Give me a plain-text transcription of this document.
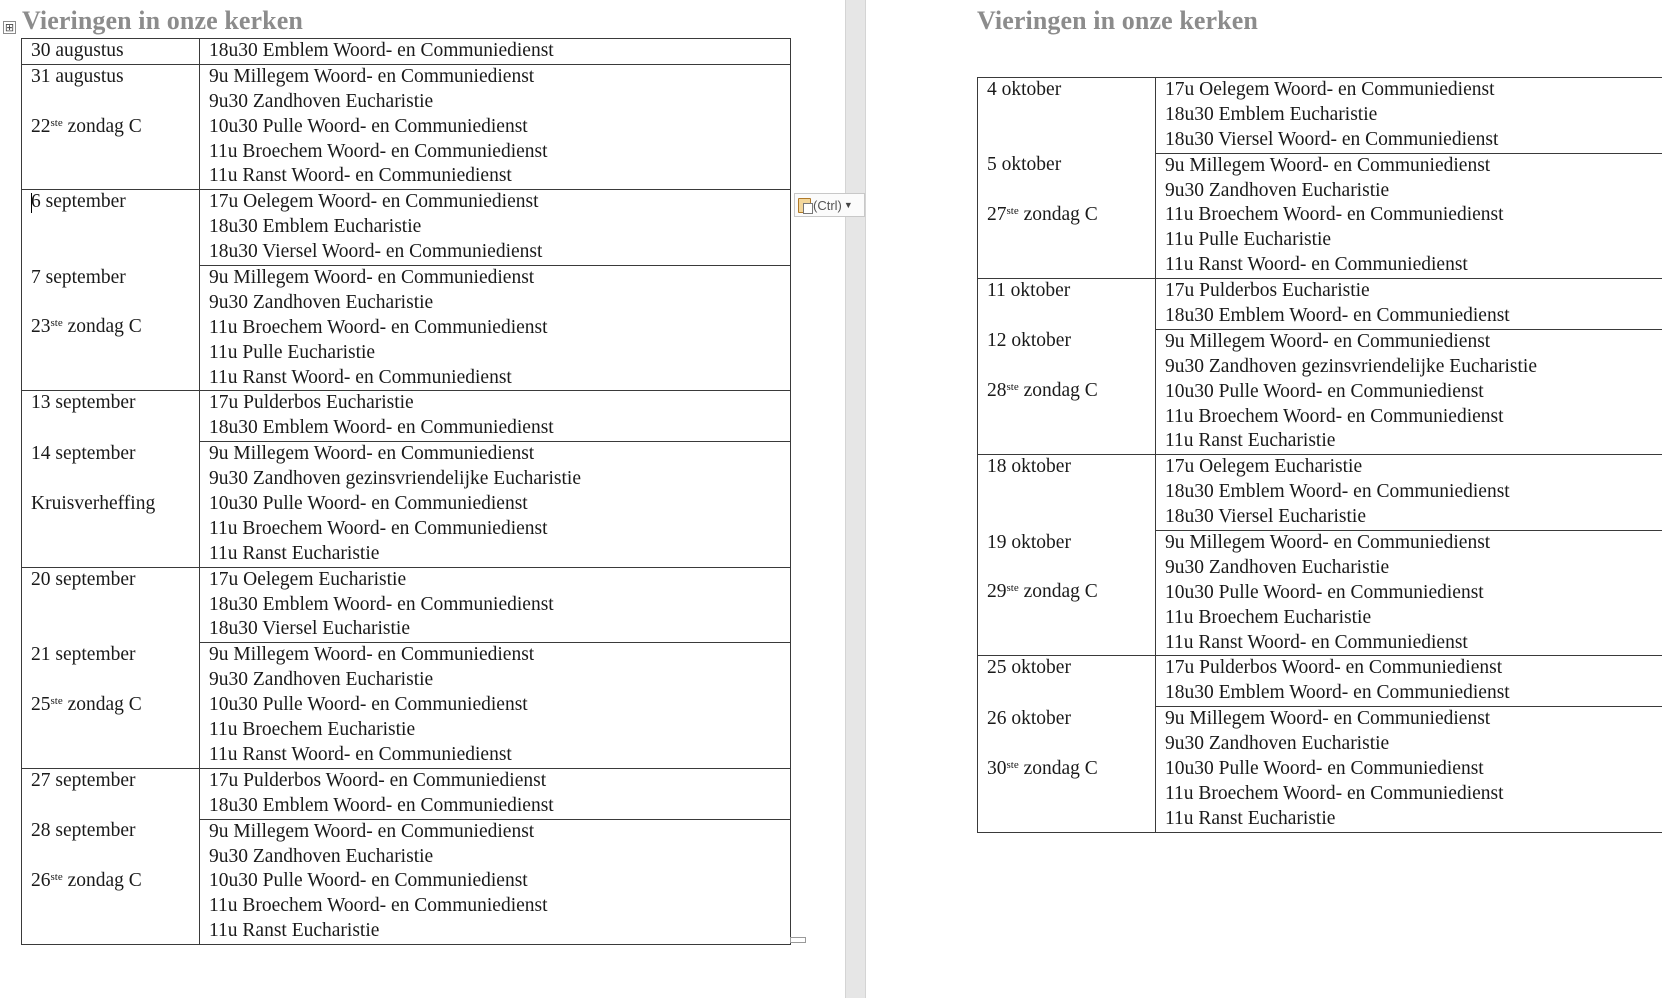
Vieringen in onze kerken
⊞
30 augustus	18u30 Emblem Woord- en Communiedienst

31 augustus
22ste zondag C	9u Millegem Woord- en Communiedienst
9u30 Zandhoven Eucharistie
10u30 Pulle Woord- en Communiedienst
11u Broechem Woord- en Communiedienst
11u Ranst Woord- en Communiedienst

6 september	17u Oelegem Woord- en Communiedienst
18u30 Emblem Eucharistie
18u30 Viersel Woord- en Communiedienst

7 september
23ste zondag C	9u Millegem Woord- en Communiedienst
9u30 Zandhoven Eucharistie
11u Broechem Woord- en Communiedienst
11u Pulle Eucharistie
11u Ranst Woord- en Communiedienst

13 september	17u Pulderbos Eucharistie
18u30 Emblem Woord- en Communiedienst

14 september
Kruisverheffing	9u Millegem Woord- en Communiedienst
9u30 Zandhoven gezinsvriendelijke Eucharistie
10u30 Pulle Woord- en Communiedienst
11u Broechem Woord- en Communiedienst
11u Ranst Eucharistie

20 september	17u Oelegem Eucharistie
18u30 Emblem Woord- en Communiedienst
18u30 Viersel Eucharistie

21 september
25ste zondag C	9u Millegem Woord- en Communiedienst
9u30 Zandhoven Eucharistie
10u30 Pulle Woord- en Communiedienst
11u Broechem Eucharistie
11u Ranst Woord- en Communiedienst

27 september	17u Pulderbos Woord- en Communiedienst
18u30 Emblem Woord- en Communiedienst

28 september
26ste zondag C	9u Millegem Woord- en Communiedienst
9u30 Zandhoven Eucharistie
10u30 Pulle Woord- en Communiedienst
11u Broechem Woord- en Communiedienst
11u Ranst Eucharistie
(Ctrl) ▼
Vieringen in onze kerken
4 oktober	17u Oelegem Woord- en Communiedienst
18u30 Emblem Eucharistie
18u30 Viersel Woord- en Communiedienst

5 oktober
27ste zondag C	9u Millegem Woord- en Communiedienst
9u30 Zandhoven Eucharistie
11u Broechem Woord- en Communiedienst
11u Pulle Eucharistie
11u Ranst Woord- en Communiedienst

11 oktober	17u Pulderbos Eucharistie
18u30 Emblem Woord- en Communiedienst

12 oktober
28ste zondag C	9u Millegem Woord- en Communiedienst
9u30 Zandhoven gezinsvriendelijke Eucharistie
10u30 Pulle Woord- en Communiedienst
11u Broechem Woord- en Communiedienst
11u Ranst Eucharistie

18 oktober	17u Oelegem Eucharistie
18u30 Emblem Woord- en Communiedienst
18u30 Viersel Eucharistie

19 oktober
29ste zondag C	9u Millegem Woord- en Communiedienst
9u30 Zandhoven Eucharistie
10u30 Pulle Woord- en Communiedienst
11u Broechem Eucharistie
11u Ranst Woord- en Communiedienst

25 oktober	17u Pulderbos Woord- en Communiedienst
18u30 Emblem Woord- en Communiedienst

26 oktober
30ste zondag C	9u Millegem Woord- en Communiedienst
9u30 Zandhoven Eucharistie
10u30 Pulle Woord- en Communiedienst
11u Broechem Woord- en Communiedienst
11u Ranst Eucharistie
